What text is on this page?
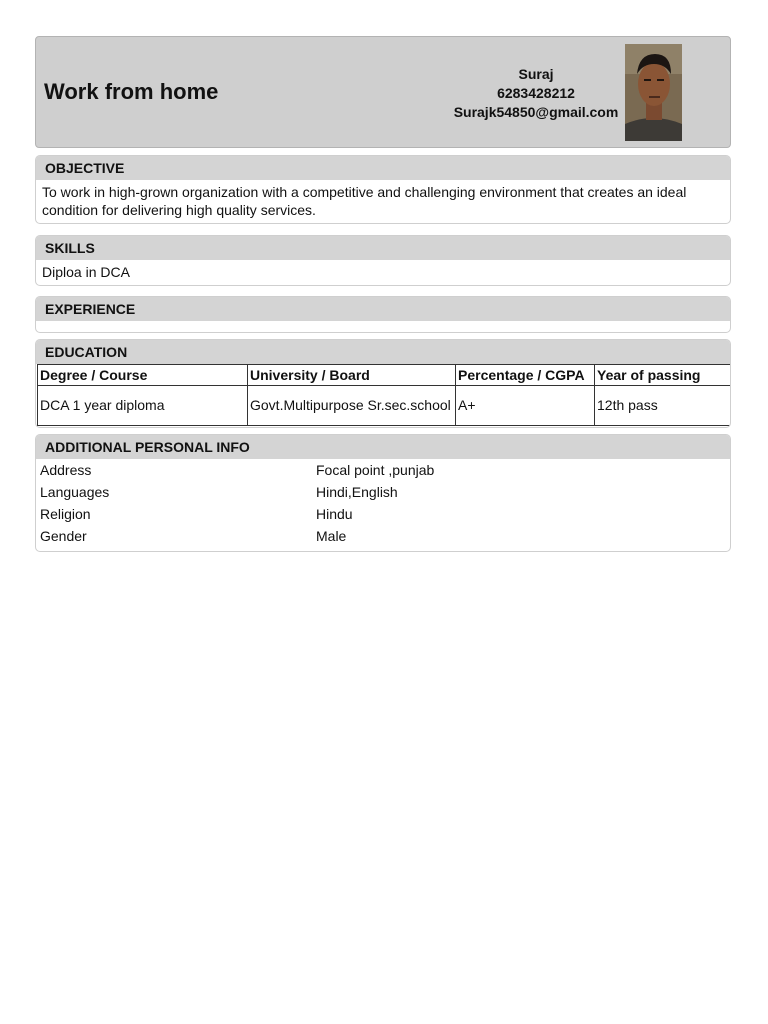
Work from home
Suraj
6283428212
Surajk54850@gmail.com
OBJECTIVE
To work in high-grown organization with a competitive and challenging environment that creates an ideal condition for delivering high quality services.
SKILLS
Diploa in DCA
EXPERIENCE
EDUCATION
Degree / Course	University / Board	Percentage / CGPA	Year of passing
DCA 1 year diploma	Govt.Multipurpose Sr.sec.school	A+	12th pass
ADDITIONAL PERSONAL INFO
Address	Focal point ,punjab
Languages	Hindi,English
Religion	Hindu
Gender	Male
